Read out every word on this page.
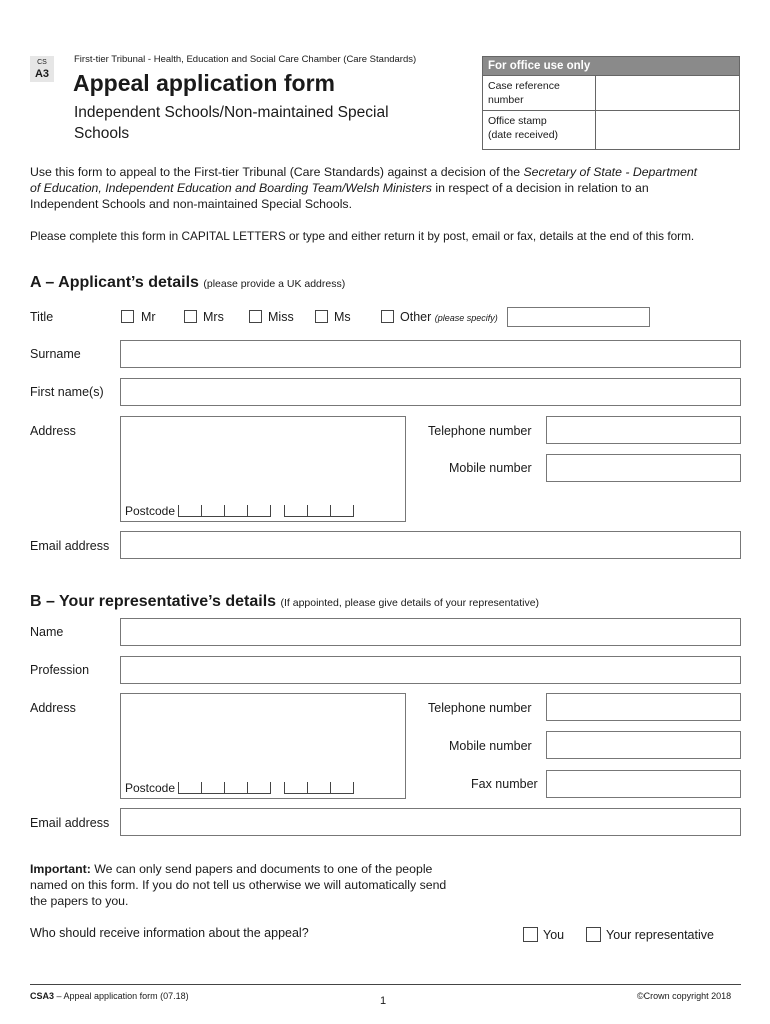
CS
A3
First-tier Tribunal - Health, Education and Social Care Chamber (Care Standards)
Appeal application form
Independent Schools/Non-maintained Special
Schools
For office use only
Case reference
number
Office stamp
(date received)
Use this form to appeal to the First-tier Tribunal (Care Standards) against a decision of the Secretary of State - Department
of Education, Independent Education and Boarding Team/Welsh Ministers in respect of a decision in relation to an
Independent Schools and non-maintained Special Schools.
Please complete this form in CAPITAL LETTERS or type and either return it by post, email or fax, details at the end of this form.
A – Applicant’s details (please provide a UK address)
Title	Mr	Mrs	Miss	Ms	Other (please specify)
Surname
First name(s)
Address
Postcode
Telephone number
Mobile number
Email address
B – Your representative’s details (If appointed, please give details of your representative)
Name
Profession
Address
Postcode
Telephone number
Mobile number
Fax number
Email address
Important: We can only send papers and documents to one of the people
named on this form. If you do not tell us otherwise we will automatically send
the papers to you.
Who should receive information about the appeal?	You	Your representative
CSA3 – Appeal application form (07.18)	1	©Crown copyright 2018
